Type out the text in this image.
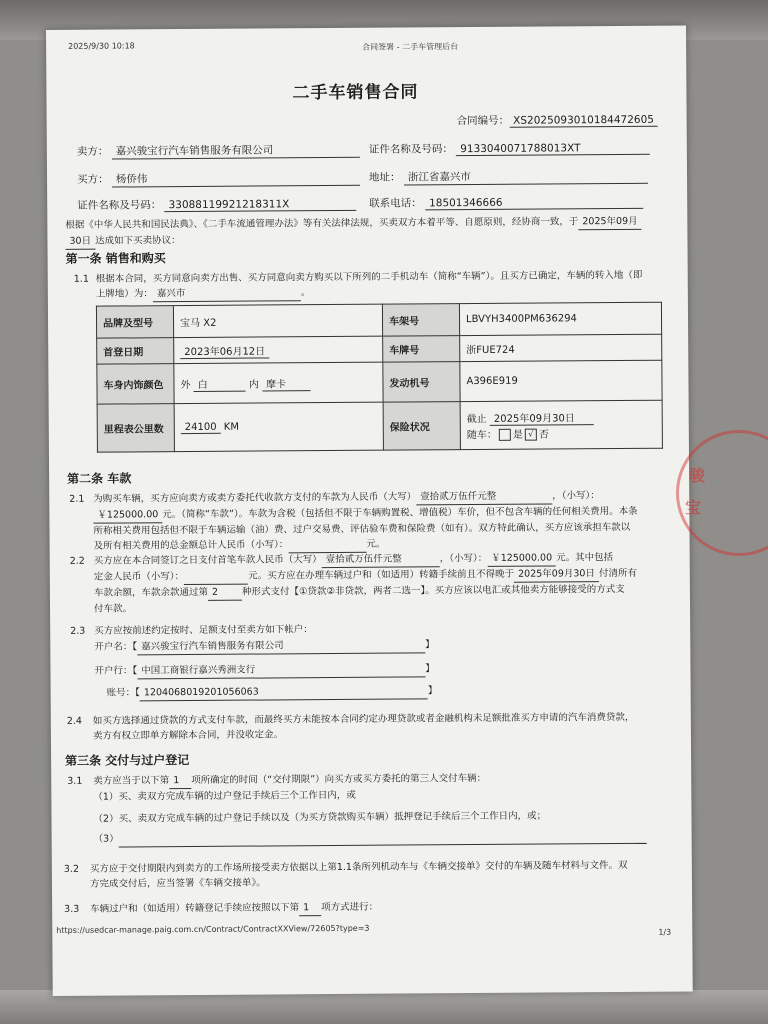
2025/9/30 10:18	合同签署 - 二手车管理后台
二手车销售合同
合同编号： XS2025093010184472605
卖方： 嘉兴骏宝行汽车销售服务有限公司	证件名称及号码： 9133040071788013XT
买方： 杨侨伟	地址： 浙江省嘉兴市
证件名称及号码： 33088119921218311X	联系电话： 18501346666
根据《中华人民共和国民法典》、《二手车流通管理办法》等有关法律法规，买卖双方本着平等、自愿原则，经协商一致，于 2025年09月30日 达成如下买卖协议：
第一条 销售和购买
1.1 根据本合同，买方同意向卖方出售、买方同意向卖方购买以下所列的二手机动车（简称“车辆”）。且买方已确定，车辆的转入地（即
上牌地）为： 嘉兴市	。
品牌及型号	宝马 X2	车架号	LBVYH3400PM636294
首登日期	2023年06月12日	车牌号	浙FUE724
车身内饰颜色	外 白 内 摩卡	发动机号	A396E919
里程表公里数	24100 KM	保险状况	截止 2025年09月30日
随车： 是 √ 否
第二条 车款
2.1 为购买车辆，买方应向卖方或卖方委托代收款方支付的车款为人民币（大写） 壹拾贰万伍仟元整	，（小写）：
￥125000.00 元。（简称“车款”）。车款为含税（包括但不限于车辆购置税、增值税）车价，但不包含车辆的任何相关费用。本条
所称相关费用包括但不限于车辆运输（油）费、过户交易费、评估验车费和保险费（如有）。双方特此确认，买方应该承担车款以
及所有相关费用的总金额总计人民币（小写）：	元。
2.2 买方应在本合同签订之日支付首笔车款人民币（大写） 壹拾贰万伍仟元整	，（小写）： ￥125000.00 元。其中包括
定金人民币（小写）：	元。买方应在办理车辆过户和（如适用）转籍手续前且不得晚于 2025年09月30日 付清所有
车款余额，车款余款通过第 2	种形式支付【①贷款②非贷款，两者二选一】。买方应该以电汇或其他卖方能够接受的方式支
付车款。
2.3 买方应按前述约定按时、足额支付至卖方如下帐户：
开户名：【 嘉兴骏宝行汽车销售服务有限公司	】
开户行：【 中国工商银行嘉兴秀洲支行	】
账号：【 1204068019201056063	】
2.4 如买方选择通过贷款的方式支付车款，而最终买方未能按本合同约定办理贷款或者金融机构未足额批准买方申请的汽车消费贷款，
卖方有权立即单方解除本合同，并没收定金。
第三条 交付与过户登记
3.1 卖方应当于以下第 1 项所确定的时间（“交付期限”）向买方或买方委托的第三人交付车辆：
（1）买、卖双方完成车辆的过户登记手续后三个工作日内，或
（2）买、卖双方完成车辆的过户登记手续以及（为买方贷款购买车辆）抵押登记手续后三个工作日内，或；
（3）
3.2 买方应于交付期限内到卖方的工作场所接受卖方依据以上第1.1条所列机动车与《车辆交接单》交付的车辆及随车材料与文件。双
方完成交付后，应当签署《车辆交接单》。
3.3 车辆过户和（如适用）转籍登记手续应按照以下第 1 项方式进行：
https://usedcar-manage.paig.com.cn/Contract/ContractXXView/72605?type=3	1/3
骏
宝
